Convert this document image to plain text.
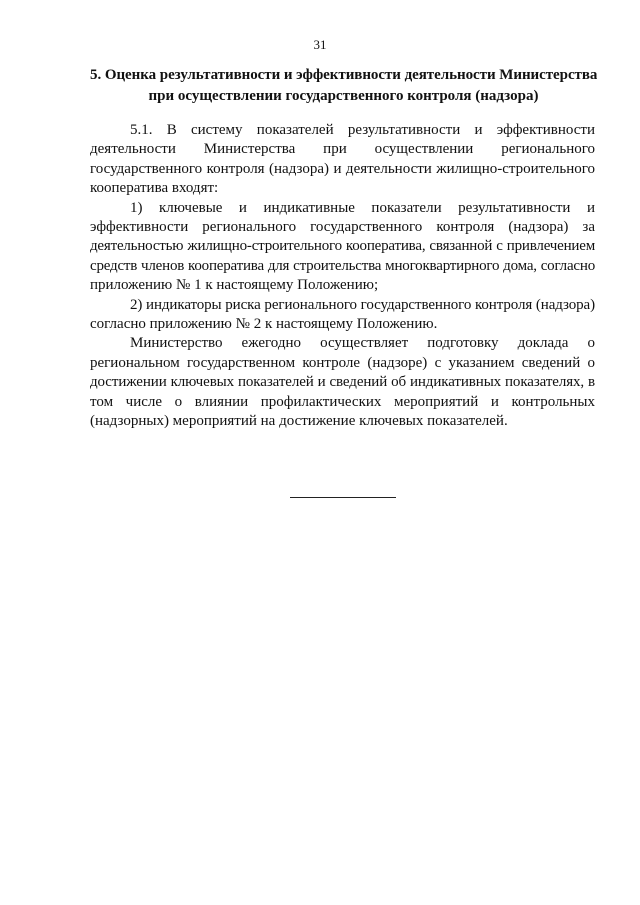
31
5. Оценка результативности и эффективности деятельности Министерства
при осуществлении государственного контроля (надзора)
5.1. В систему показателей результативности и эффективности
деятельности Министерства при осуществлении регионального
государственного контроля (надзора) и деятельности жилищно-строительного
кооператива входят:
1) ключевые и индикативные показатели результативности и
эффективности регионального государственного контроля (надзора) за
деятельностью жилищно-строительного кооператива, связанной с привлечением
средств членов кооператива для строительства многоквартирного дома, согласно
приложению № 1 к настоящему Положению;
2) индикаторы риска регионального государственного контроля (надзора)
согласно приложению № 2 к настоящему Положению.
Министерство ежегодно осуществляет подготовку доклада о
региональном государственном контроле (надзоре) с указанием сведений о
достижении ключевых показателей и сведений об индикативных показателях, в
том числе о влиянии профилактических мероприятий и контрольных
(надзорных) мероприятий на достижение ключевых показателей.
